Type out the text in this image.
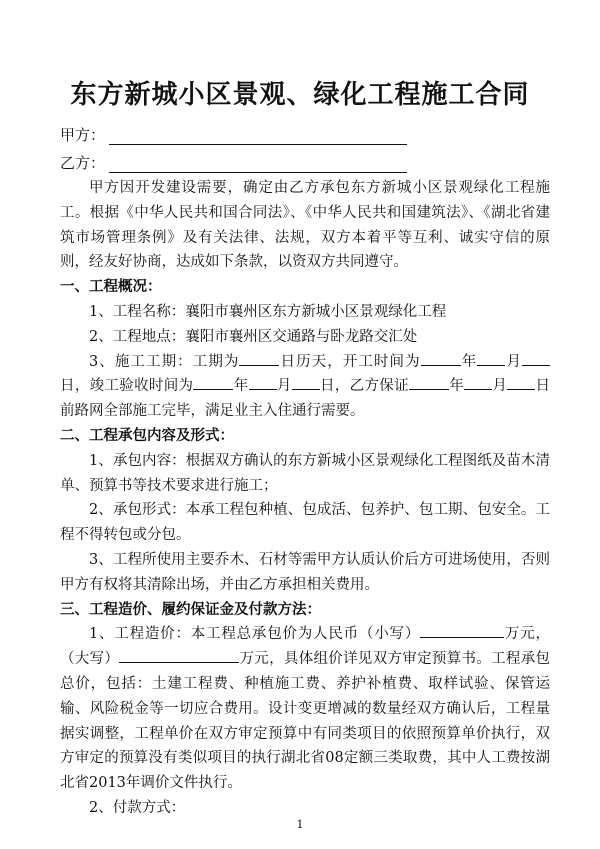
东方新城小区景观、绿化工程施工合同
甲方：
乙方：

甲方因开发建设需要，确定由乙方承包东方新城小区景观绿化工程施工。根据《中华人民共和国合同法》、《中华人民共和国建筑法》、《湖北省建筑市场管理条例》及有关法律、法规，双方本着平等互利、诚实守信的原则，经友好协商，达成如下条款，以资双方共同遵守。

一、工程概况：

1、工程名称：襄阳市襄州区东方新城小区景观绿化工程

2、工程地点：襄阳市襄州区交通路与卧龙路交汇处

3、施工工期：工期为	日历天，开工时间为	年 月日，竣工验收时间为	年 月 日，乙方保证	年 月 日前路网全部施工完毕，满足业主入住通行需要。

二、工程承包内容及形式：

1、承包内容：根据双方确认的东方新城小区景观绿化工程图纸及苗木清单、预算书等技术要求进行施工；

2、承包形式：本承工程包种植、包成活、包养护、包工期、包安全。工程不得转包或分包。

3、工程所使用主要乔木、石材等需甲方认质认价后方可进场使用，否则甲方有权将其清除出场，并由乙方承担相关费用。

三、工程造价、履约保证金及付款方法：

1、工程造价：本工程总承包价为人民币（小写）	万元，（大写）	万元，具体组价详见双方审定预算书。工程承包总价，包括：土建工程费、种植施工费、养护补植费、取样试验、保管运输、风险税金等一切应合费用。设计变更增减的数量经双方确认后，工程量据实调整，工程单价在双方审定预算中有同类项目的依照预算单价执行，双方审定的预算没有类似项目的执行湖北省08定额三类取费，其中人工费按湖北省2013年调价文件执行。

2、付款方式：

1
